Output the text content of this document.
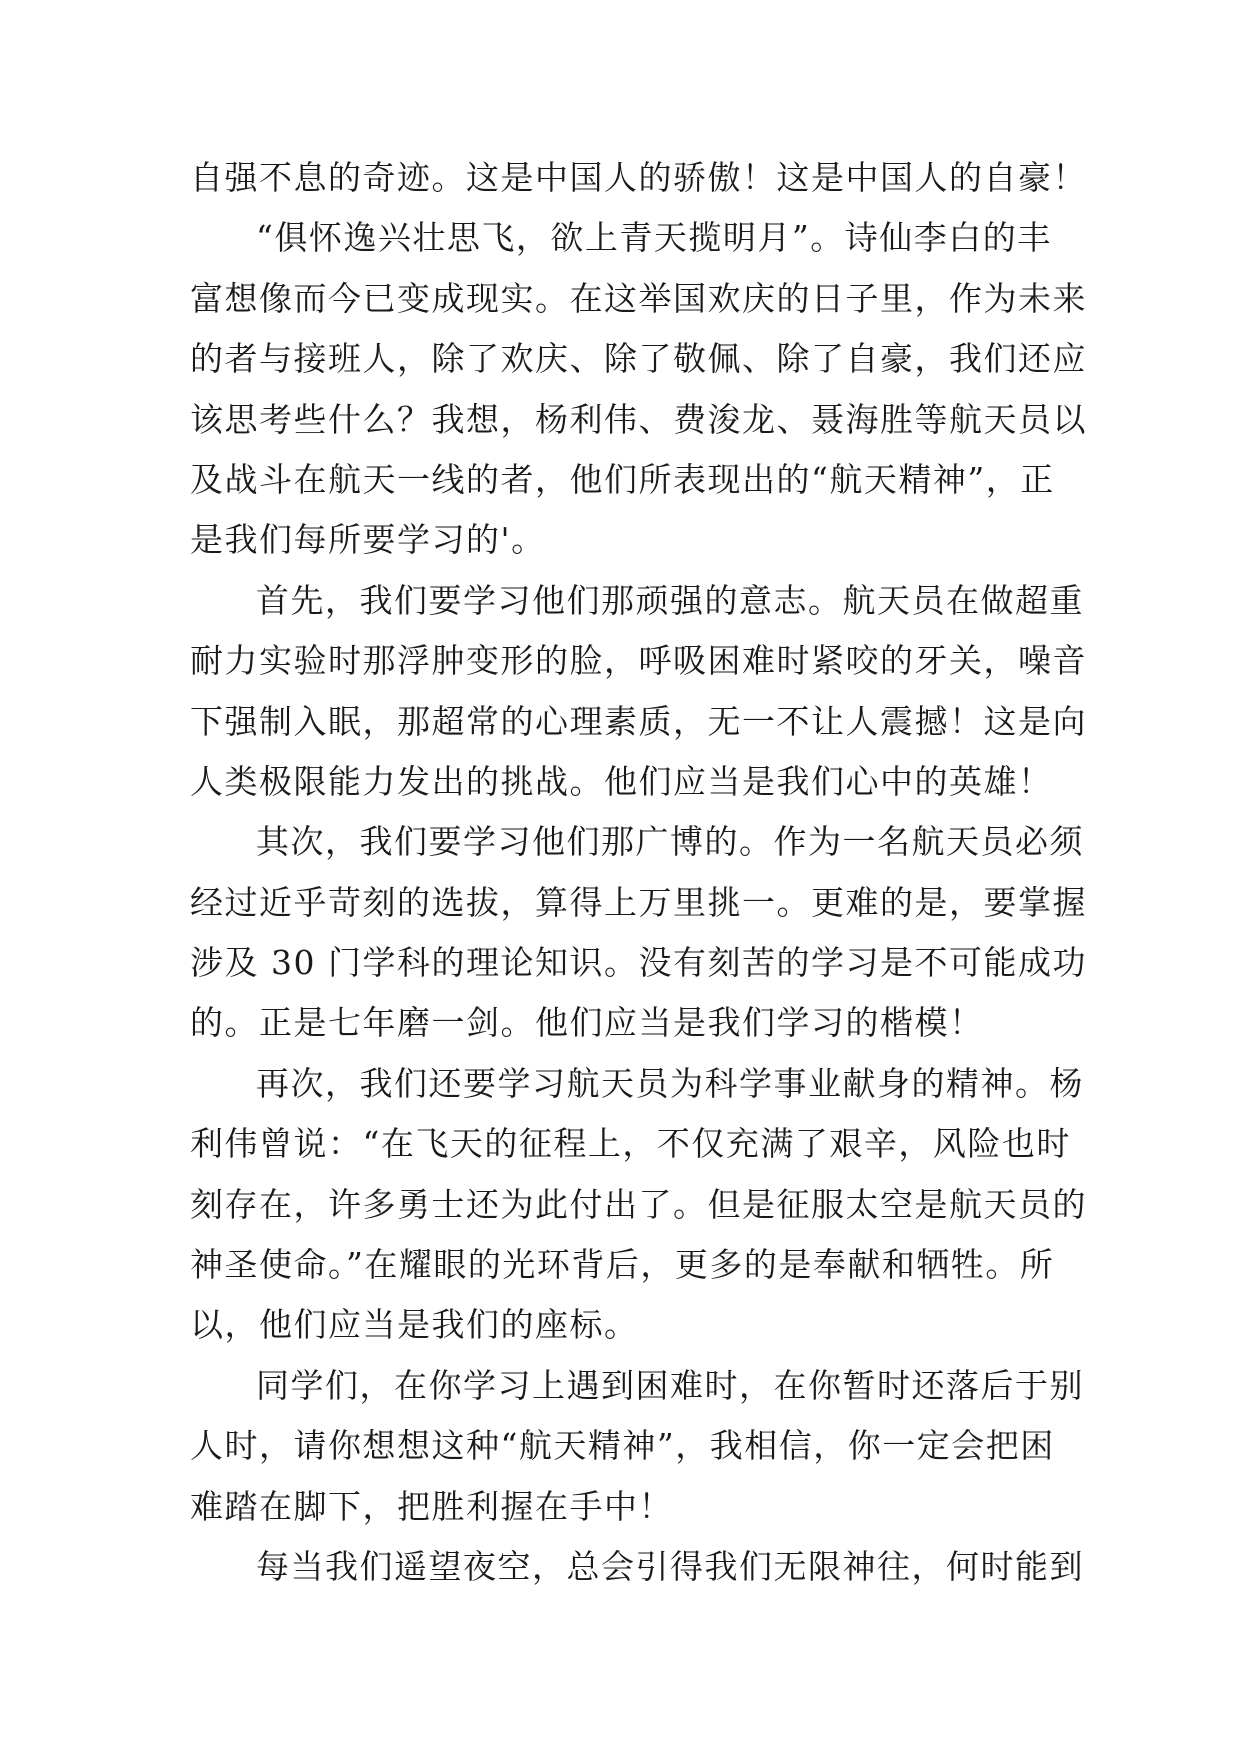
自强不息的奇迹。这是中国人的骄傲！这是中国人的自豪！
“俱怀逸兴壮思飞，欲上青天揽明月”。诗仙李白的丰
富想像而今已变成现实。在这举国欢庆的日子里，作为未来
的者与接班人，除了欢庆、除了敬佩、除了自豪，我们还应
该思考些什么？我想，杨利伟、费浚龙、聂海胜等航天员以
及战斗在航天一线的者，他们所表现出的“航天精神”，正
是我们每所要学习的'。
首先，我们要学习他们那顽强的意志。航天员在做超重
耐力实验时那浮肿变形的脸，呼吸困难时紧咬的牙关，噪音
下强制入眠，那超常的心理素质，无一不让人震撼！这是向
人类极限能力发出的挑战。他们应当是我们心中的英雄！
其次，我们要学习他们那广博的。作为一名航天员必须
经过近乎苛刻的选拔，算得上万里挑一。更难的是，要掌握
涉及 30 门学科的理论知识。没有刻苦的学习是不可能成功
的。正是七年磨一剑。他们应当是我们学习的楷模！
再次，我们还要学习航天员为科学事业献身的精神。杨
利伟曾说：“在飞天的征程上，不仅充满了艰辛，风险也时
刻存在，许多勇士还为此付出了。但是征服太空是航天员的
神圣使命。”在耀眼的光环背后，更多的是奉献和牺牲。所
以，他们应当是我们的座标。
同学们，在你学习上遇到困难时，在你暂时还落后于别
人时，请你想想这种“航天精神”，我相信，你一定会把困
难踏在脚下，把胜利握在手中！
每当我们遥望夜空，总会引得我们无限神往，何时能到
